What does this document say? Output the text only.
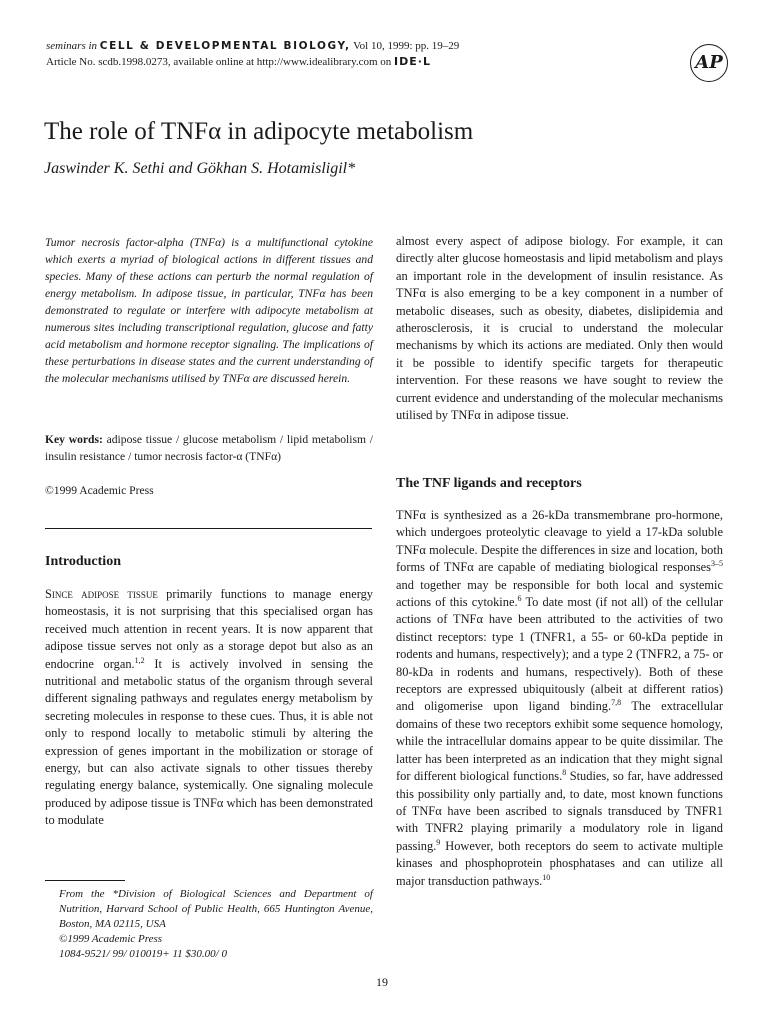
seminars in CELL & DEVELOPMENTAL BIOLOGY, Vol 10, 1999: pp. 19–29
Article No. scdb.1998.0273, available online at http://www.idealibrary.com on IDE·L	AP
The role of TNFα in adipocyte metabolism
Jaswinder K. Sethi and Gökhan S. Hotamisligil*
Tumor necrosis factor-alpha (TNFα) is a multifunctional cytokine which exerts a myriad of biological actions in different tissues and species. Many of these actions can perturb the normal regulation of energy metabolism. In adipose tissue, in particular, TNFα has been demonstrated to regulate or interfere with adipocyte metabolism at numerous sites including transcriptional regulation, glucose and fatty acid metabolism and hormone receptor signaling. The implications of these perturbations in disease states and the current understanding of the molecular mechanisms utilised by TNFα are discussed herein.
Key words: adipose tissue / glucose metabolism / lipid metabolism / insulin resistance / tumor necrosis factor-α (TNFα)
©1999 Academic Press
Introduction
Since adipose tissue primarily functions to manage energy homeostasis, it is not surprising that this specialised organ has received much attention in recent years. It is now apparent that adipose tissue serves not only as a storage depot but also as an endocrine organ.$^{1,2}$ It is actively involved in sensing the nutritional and metabolic status of the organism through several different signaling pathways and regulates energy metabolism by secreting molecules in response to these cues. Thus, it is able not only to respond locally to metabolic stimuli by altering the expression of genes important in the mobilization or storage of energy, but can also activate signals to other tissues thereby regulating energy balance, systemically. One signaling molecule produced by adipose tissue is TNFα which has been demonstrated to modulate

From the *Division of Biological Sciences and Department of Nutrition, Harvard School of Public Health, 665 Huntington Avenue, Boston, MA 02115, USA

©1999 Academic Press

1084-9521/ 99/ 010019+ 11 $30.00/ 0

almost every aspect of adipose biology. For example, it can directly alter glucose homeostasis and lipid metabolism and plays an important role in the development of insulin resistance. As TNFα is also emerging to be a key component in a number of metabolic diseases, such as obesity, diabetes, dislipidemia and atherosclerosis, it is crucial to understand the molecular mechanisms by which its actions are mediated. Only then would it be possible to identify specific targets for therapeutic intervention. For these reasons we have sought to review the current evidence and understanding of the molecular mechanisms utilised by TNFα in adipose tissue.
The TNF ligands and receptors
TNFα is synthesized as a 26-kDa transmembrane pro-hormone, which undergoes proteolytic cleavage to yield a 17-kDa soluble TNFα molecule. Despite the differences in size and location, both forms of TNFα are capable of mediating biological responses$^{3-5}$ and together may be responsible for both local and systemic actions of this cytokine.$^6$ To date most (if not all) of the cellular actions of TNFα have been attributed to the activities of two distinct receptors: type 1 (TNFR1, a 55- or 60-kDa peptide in rodents and humans, respectively); and a type 2 (TNFR2, a 75- or 80-kDa in rodents and humans, respectively). Both of these receptors are expressed ubiquitously (albeit at different ratios) and oligomerise upon ligand binding.$^{7,8}$ The extracellular domains of these two receptors exhibit some sequence homology, while the intracellular domains appear to be quite dissimilar. The latter has been interpreted as an indication that they might signal for different biological functions.$^8$ Studies, so far, have addressed this possibility only partially and, to date, most known functions of TNFα have been ascribed to signals transduced by TNFR1 with TNFR2 playing primarily a modulatory role in ligand passing.$^9$ However, both receptors do seem to activate multiple kinases and phosphoprotein phosphatases and can utilize all major transduction pathways.$^{10}$
19
